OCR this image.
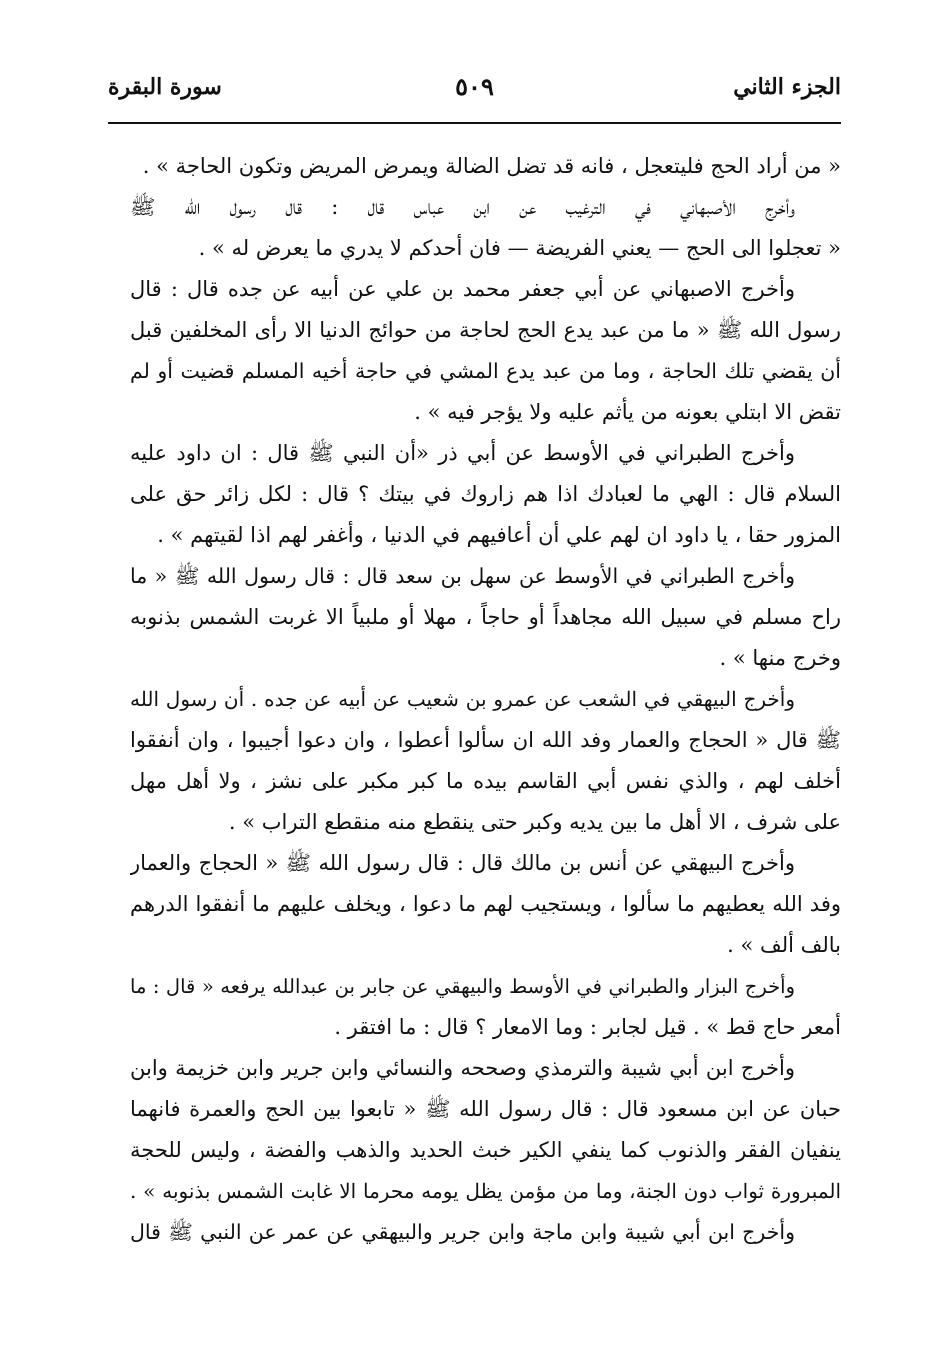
الجزء الثاني
٥٠٩
سورة البقرة
« من أراد الحج فليتعجل ، فانه قد تضل الضالة ويمرض المريض وتكون الحاجة » .
وأخرج الأصبهاني في الترغيب عن ابن عباس قال : قال رسول الله ﷺ
« تعجلوا الى الحج — يعني الفريضة — فان أحدكم لا يدري ما يعرض له » .
وأخرج الاصبهاني عن أبي جعفر محمد بن علي عن أبيه عن جده قال : قال
رسول الله ﷺ « ما من عبد يدع الحج لحاجة من حوائج الدنيا الا رأى المخلفين قبل
أن يقضي تلك الحاجة ، وما من عبد يدع المشي في حاجة أخيه المسلم قضيت أو لم
تقض الا ابتلي بعونه من يأثم عليه ولا يؤجر فيه » .
وأخرج الطبراني في الأوسط عن أبي ذر «أن النبي ﷺ قال : ان داود عليه
السلام قال : الهي ما لعبادك اذا هم زاروك في بيتك ؟ قال : لكل زائر حق على
المزور حقا ، يا داود ان لهم علي أن أعافيهم في الدنيا ، وأغفر لهم اذا لقيتهم » .
وأخرج الطبراني في الأوسط عن سهل بن سعد قال : قال رسول الله ﷺ « ما
راح مسلم في سبيل الله مجاهداً أو حاجاً ، مهلا أو ملبياً الا غربت الشمس بذنوبه
وخرج منها » .
وأخرج البيهقي في الشعب عن عمرو بن شعيب عن أبيه عن جده . أن رسول الله
ﷺ قال « الحجاج والعمار وفد الله ان سألوا أعطوا ، وان دعوا أجيبوا ، وان أنفقوا
أخلف لهم ، والذي نفس أبي القاسم بيده ما كبر مكبر على نشز ، ولا أهل مهل
على شرف ، الا أهل ما بين يديه وكبر حتى ينقطع منه منقطع التراب » .
وأخرج البيهقي عن أنس بن مالك قال : قال رسول الله ﷺ « الحجاج والعمار
وفد الله يعطيهم ما سألوا ، ويستجيب لهم ما دعوا ، ويخلف عليهم ما أنفقوا الدرهم
بالف ألف » .
وأخرج البزار والطبراني في الأوسط والبيهقي عن جابر بن عبدالله يرفعه « قال : ما
أمعر حاج قط » . قيل لجابر : وما الامعار ؟ قال : ما افتقر .
وأخرج ابن أبي شيبة والترمذي وصححه والنسائي وابن جرير وابن خزيمة وابن
حبان عن ابن مسعود قال : قال رسول الله ﷺ « تابعوا بين الحج والعمرة فانهما
ينفيان الفقر والذنوب كما ينفي الكير خبث الحديد والذهب والفضة ، وليس للحجة
المبرورة ثواب دون الجنة، وما من مؤمن يظل يومه محرما الا غابت الشمس بذنوبه » .
وأخرج ابن أبي شيبة وابن ماجة وابن جرير والبيهقي عن عمر عن النبي ﷺ قال
